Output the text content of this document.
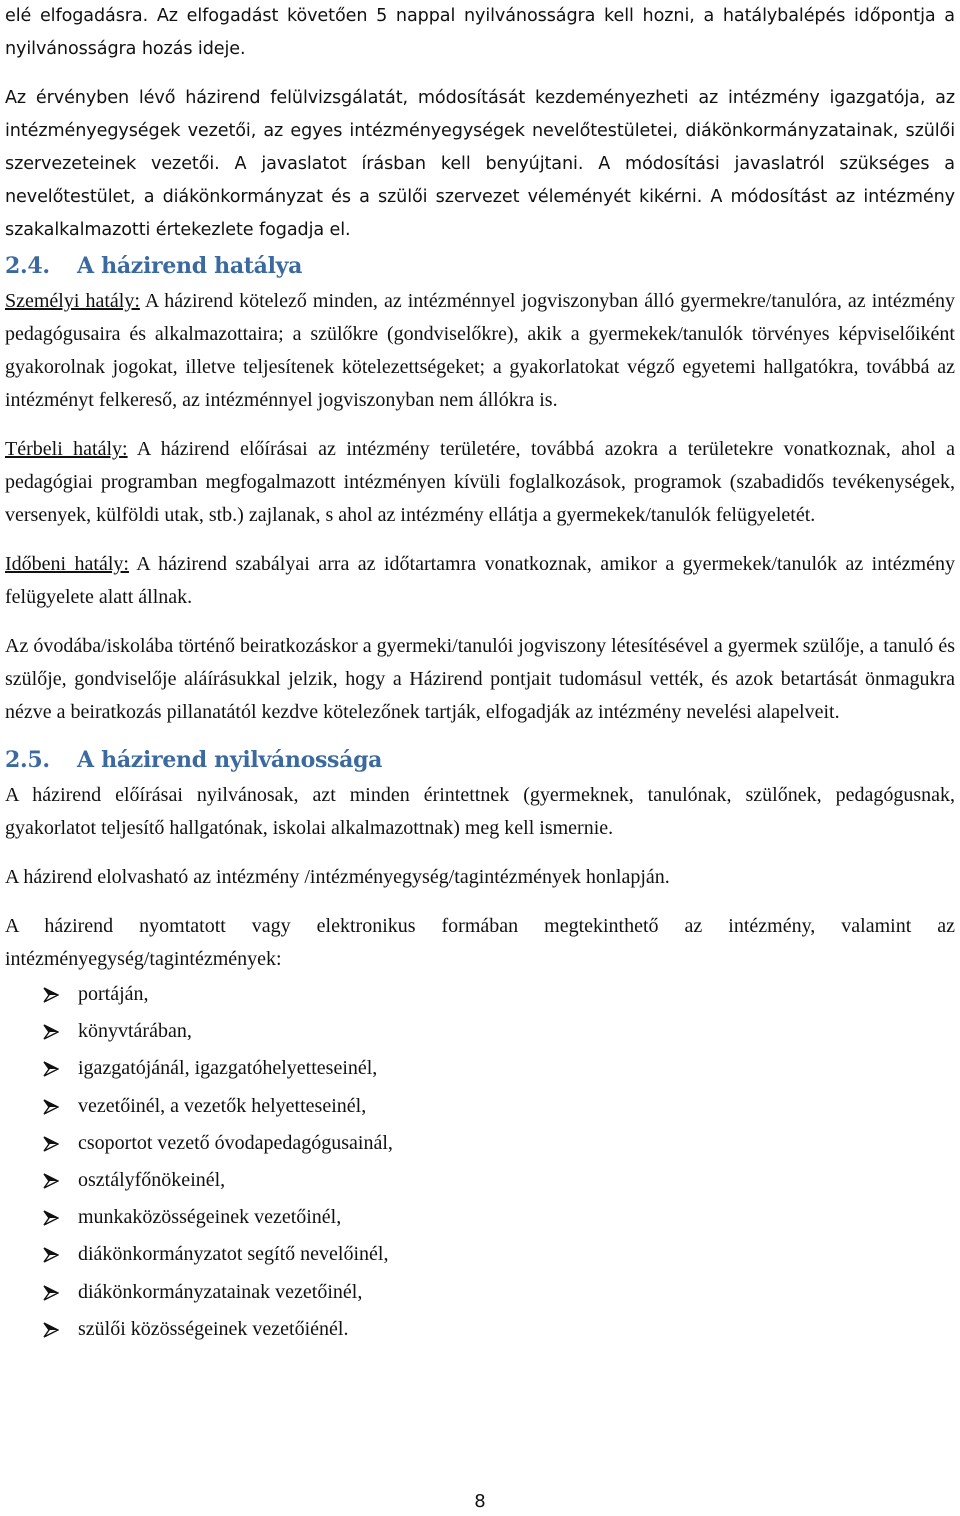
elé elfogadásra. Az elfogadást követően 5 nappal nyilvánosságra kell hozni, a hatálybalépés időpontja a nyilvánosságra hozás ideje.

Az érvényben lévő házirend felülvizsgálatát, módosítását kezdeményezheti az intézmény igazgatója, az intézményegységek vezetői, az egyes intézményegységek nevelőtestületei, diákönkormányzatainak, szülői szervezeteinek vezetői. A javaslatot írásban kell benyújtani. A módosítási javaslatról szükséges a nevelőtestület, a diákönkormányzat és a szülői szervezet véleményét kikérni. A módosítást az intézmény szakalkalmazotti értekezlete fogadja el.

2.4. A házirend hatálya

Személyi hatály: A házirend kötelező minden, az intézménnyel jogviszonyban álló gyermekre/tanulóra, az intézmény pedagógusaira és alkalmazottaira; a szülőkre (gondviselőkre), akik a gyermekek/tanulók törvényes képviselőiként gyakorolnak jogokat, illetve teljesítenek kötelezettségeket; a gyakorlatokat végző egyetemi hallgatókra, továbbá az intézményt felkereső, az intézménnyel jogviszonyban nem állókra is.

Térbeli hatály: A házirend előírásai az intézmény területére, továbbá azokra a területekre vonatkoznak, ahol a pedagógiai programban megfogalmazott intézményen kívüli foglalkozások, programok (szabadidős tevékenységek, versenyek, külföldi utak, stb.) zajlanak, s ahol az intézmény ellátja a gyermekek/tanulók felügyeletét.

Időbeni hatály: A házirend szabályai arra az időtartamra vonatkoznak, amikor a gyermekek/tanulók az intézmény felügyelete alatt állnak.

Az óvodába/iskolába történő beiratkozáskor a gyermeki/tanulói jogviszony létesítésével a gyermek szülője, a tanuló és szülője, gondviselője aláírásukkal jelzik, hogy a Házirend pontjait tudomásul vették, és azok betartását önmagukra nézve a beiratkozás pillanatától kezdve kötelezőnek tartják, elfogadják az intézmény nevelési alapelveit.

2.5. A házirend nyilvánossága

A házirend előírásai nyilvánosak, azt minden érintettnek (gyermeknek, tanulónak, szülőnek, pedagógusnak, gyakorlatot teljesítő hallgatónak, iskolai alkalmazottnak) meg kell ismernie.

A házirend elolvasható az intézmény /intézményegység/tagintézmények honlapján.

A házirend nyomtatott vagy elektronikus formában megtekinthető az intézmény, valamint az intézményegység/tagintézmények:

portáján,
könyvtárában,
igazgatójánál, igazgatóhelyetteseinél,
vezetőinél, a vezetők helyetteseinél,
csoportot vezető óvodapedagógusainál,
osztályfőnökeinél,
munkaközösségeinek vezetőinél,
diákönkormányzatot segítő nevelőinél,
diákönkormányzatainak vezetőinél,
szülői közösségeinek vezetőiénél.
8
